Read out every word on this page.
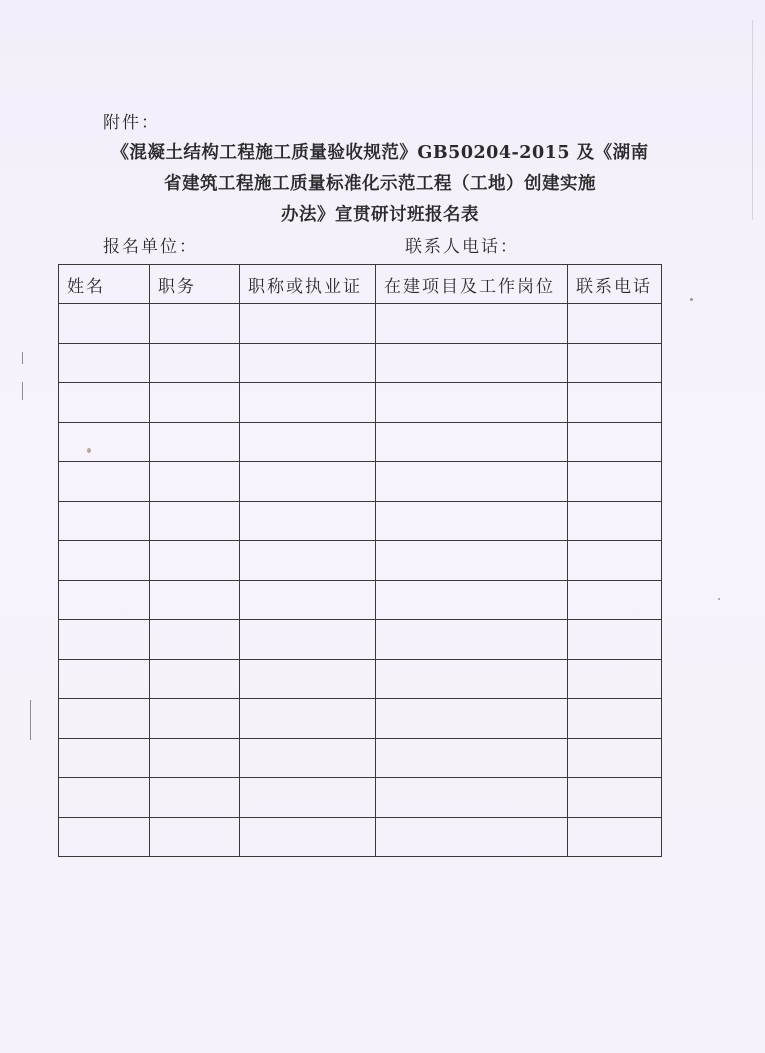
附件：
《混凝土结构工程施工质量验收规范》GB50204-2015 及《湖南
省建筑工程施工质量标准化示范工程（工地）创建实施
办法》宣贯研讨班报名表
报名单位：	联系人电话：
姓名	职务	职称或执业证	在建项目及工作岗位	联系电话
